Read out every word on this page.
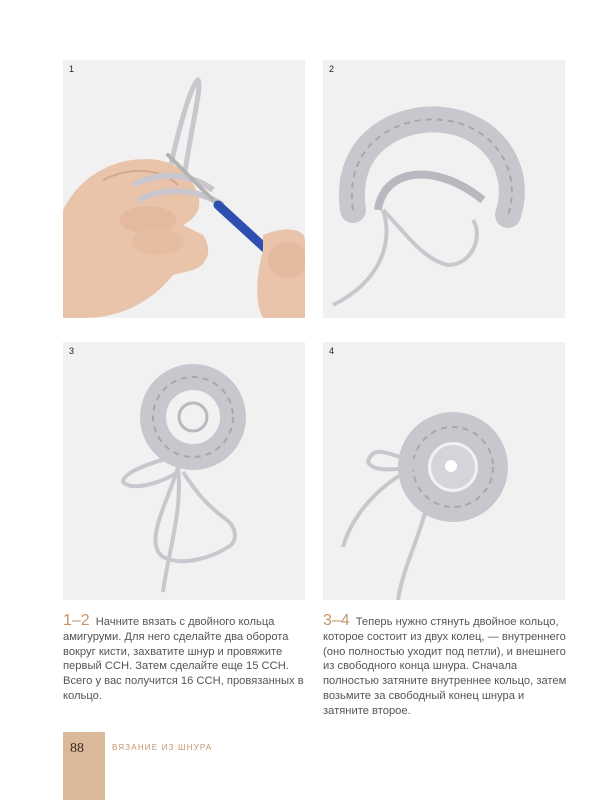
1	2
3	4
1–2 Начните вязать с двойного кольца амигуруми. Для него сделайте два оборота вокруг кисти, захватите шнур и провяжите первый ССН. Затем сделайте еще 15 ССН. Всего у вас получится 16 ССН, провязанных в кольцо.
3–4 Теперь нужно стянуть двойное кольцо, которое состоит из двух колец, — внутреннего (оно полностью уходит под петли), и внешнего из свободного конца шнура. Сначала полностью затяните внутреннее кольцо, затем возьмите за свободный конец шнура и затяните второе.
88	ВЯЗАНИЕ ИЗ ШНУРА
